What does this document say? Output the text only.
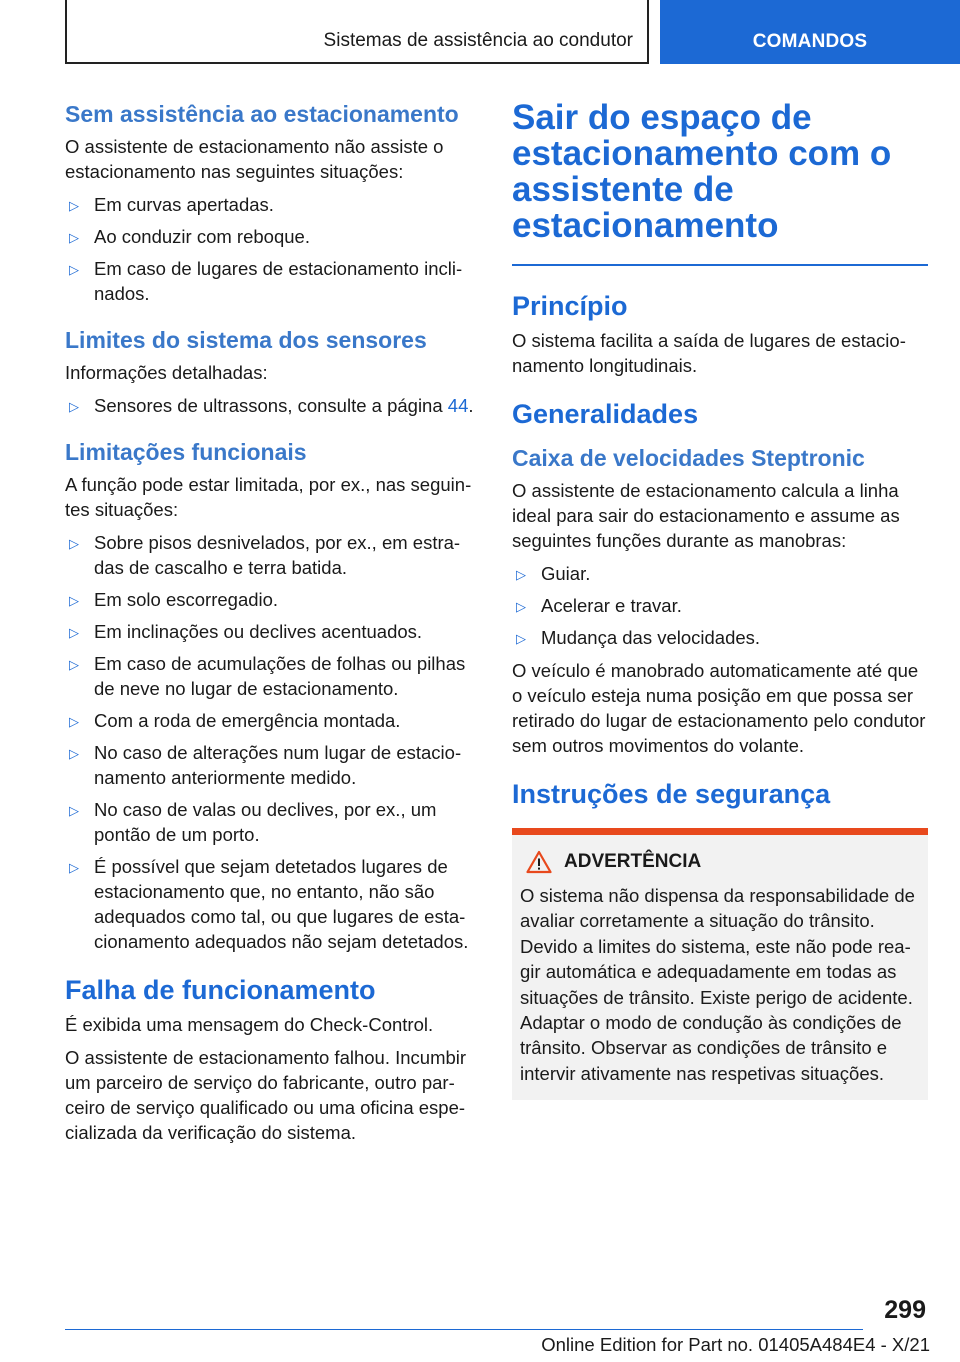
Sistemas de assistência ao condutor	COMANDOS
Sem assistência ao estacionamento

O assistente de estacionamento não assiste o estacionamento nas seguintes situações:

▷ Em curvas apertadas.
▷ Ao conduzir com reboque.
▷ Em caso de lugares de estacionamento inclinados.
Limites do sistema dos sensores

Informações detalhadas:

▷ Sensores de ultrassons, consulte a página 44.
Limitações funcionais

A função pode estar limitada, por ex., nas seguintes situações:

▷ Sobre pisos desnivelados, por ex., em estradas de cascalho e terra batida.
▷ Em solo escorregadio.
▷ Em inclinações ou declives acentuados.
▷ Em caso de acumulações de folhas ou pilhas de neve no lugar de estacionamento.
▷ Com a roda de emergência montada.
▷ No caso de alterações num lugar de estacionamento anteriormente medido.
▷ No caso de valas ou declives, por ex., um pontão de um porto.
▷ É possível que sejam detetados lugares de estacionamento que, no entanto, não são adequados como tal, ou que lugares de estacionamento adequados não sejam detetados.
Falha de funcionamento

É exibida uma mensagem do Check-Control.

O assistente de estacionamento falhou. Incumbir um parceiro de serviço do fabricante, outro parceiro de serviço qualificado ou uma oficina especializada da verificação do sistema.

Sair do espaço de estacionamento com o assistente de estacionamento
Princípio

O sistema facilita a saída de lugares de estacionamento longitudinais.

Generalidades
Caixa de velocidades Steptronic

O assistente de estacionamento calcula a linha ideal para sair do estacionamento e assume as seguintes funções durante as manobras:

▷ Guiar.
▷ Acelerar e travar.
▷ Mudança das velocidades.

O veículo é manobrado automaticamente até que o veículo esteja numa posição em que possa ser retirado do lugar de estacionamento pelo condutor sem outros movimentos do volante.

Instruções de segurança
ADVERTÊNCIA
O sistema não dispensa da responsabilidade de avaliar corretamente a situação do trânsito. Devido a limites do sistema, este não pode reagir automática e adequadamente em todas as situações de trânsito. Existe perigo de acidente. Adaptar o modo de condução às condições de trânsito. Observar as condições de trânsito e intervir ativamente nas respetivas situações.
299
Online Edition for Part no. 01405A484E4 - X/21
